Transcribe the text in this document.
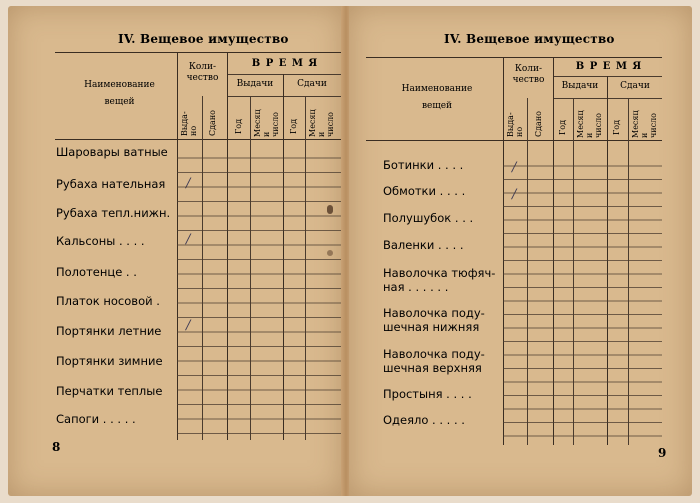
IV. Вещевое имущество
Наименование
вещей
Коли-
чество
В Р Е М Я
Выдачи	Сдачи
Выда-
но Сдано Год Месяц
и
число Год Месяц
и
число
Шаровары ватные
Рубаха нательная
Рубаха тепл.нижн.
Кальсоны . . . .
Полотенце . .
Платок носовой .
Портянки летние
Портянки зимние
Перчатки теплые
Сапоги . . . . .
/
/
/
8
IV. Вещевое имущество
Наименование
вещей
Коли-
чество
В Р Е М Я
Выдачи	Сдачи
Выда-
но Сдано Год Месяц
и
число Год Месяц
и
число
Ботинки . . . .
Обмотки . . . .
Полушубок . . .
Валенки . . . .
Наволочка тюфяч-
ная . . . . . .
Наволочка поду-
шечная нижняя
Наволочка поду-
шечная верхняя
Простыня . . . .
Одеяло . . . . .
/
/
9
